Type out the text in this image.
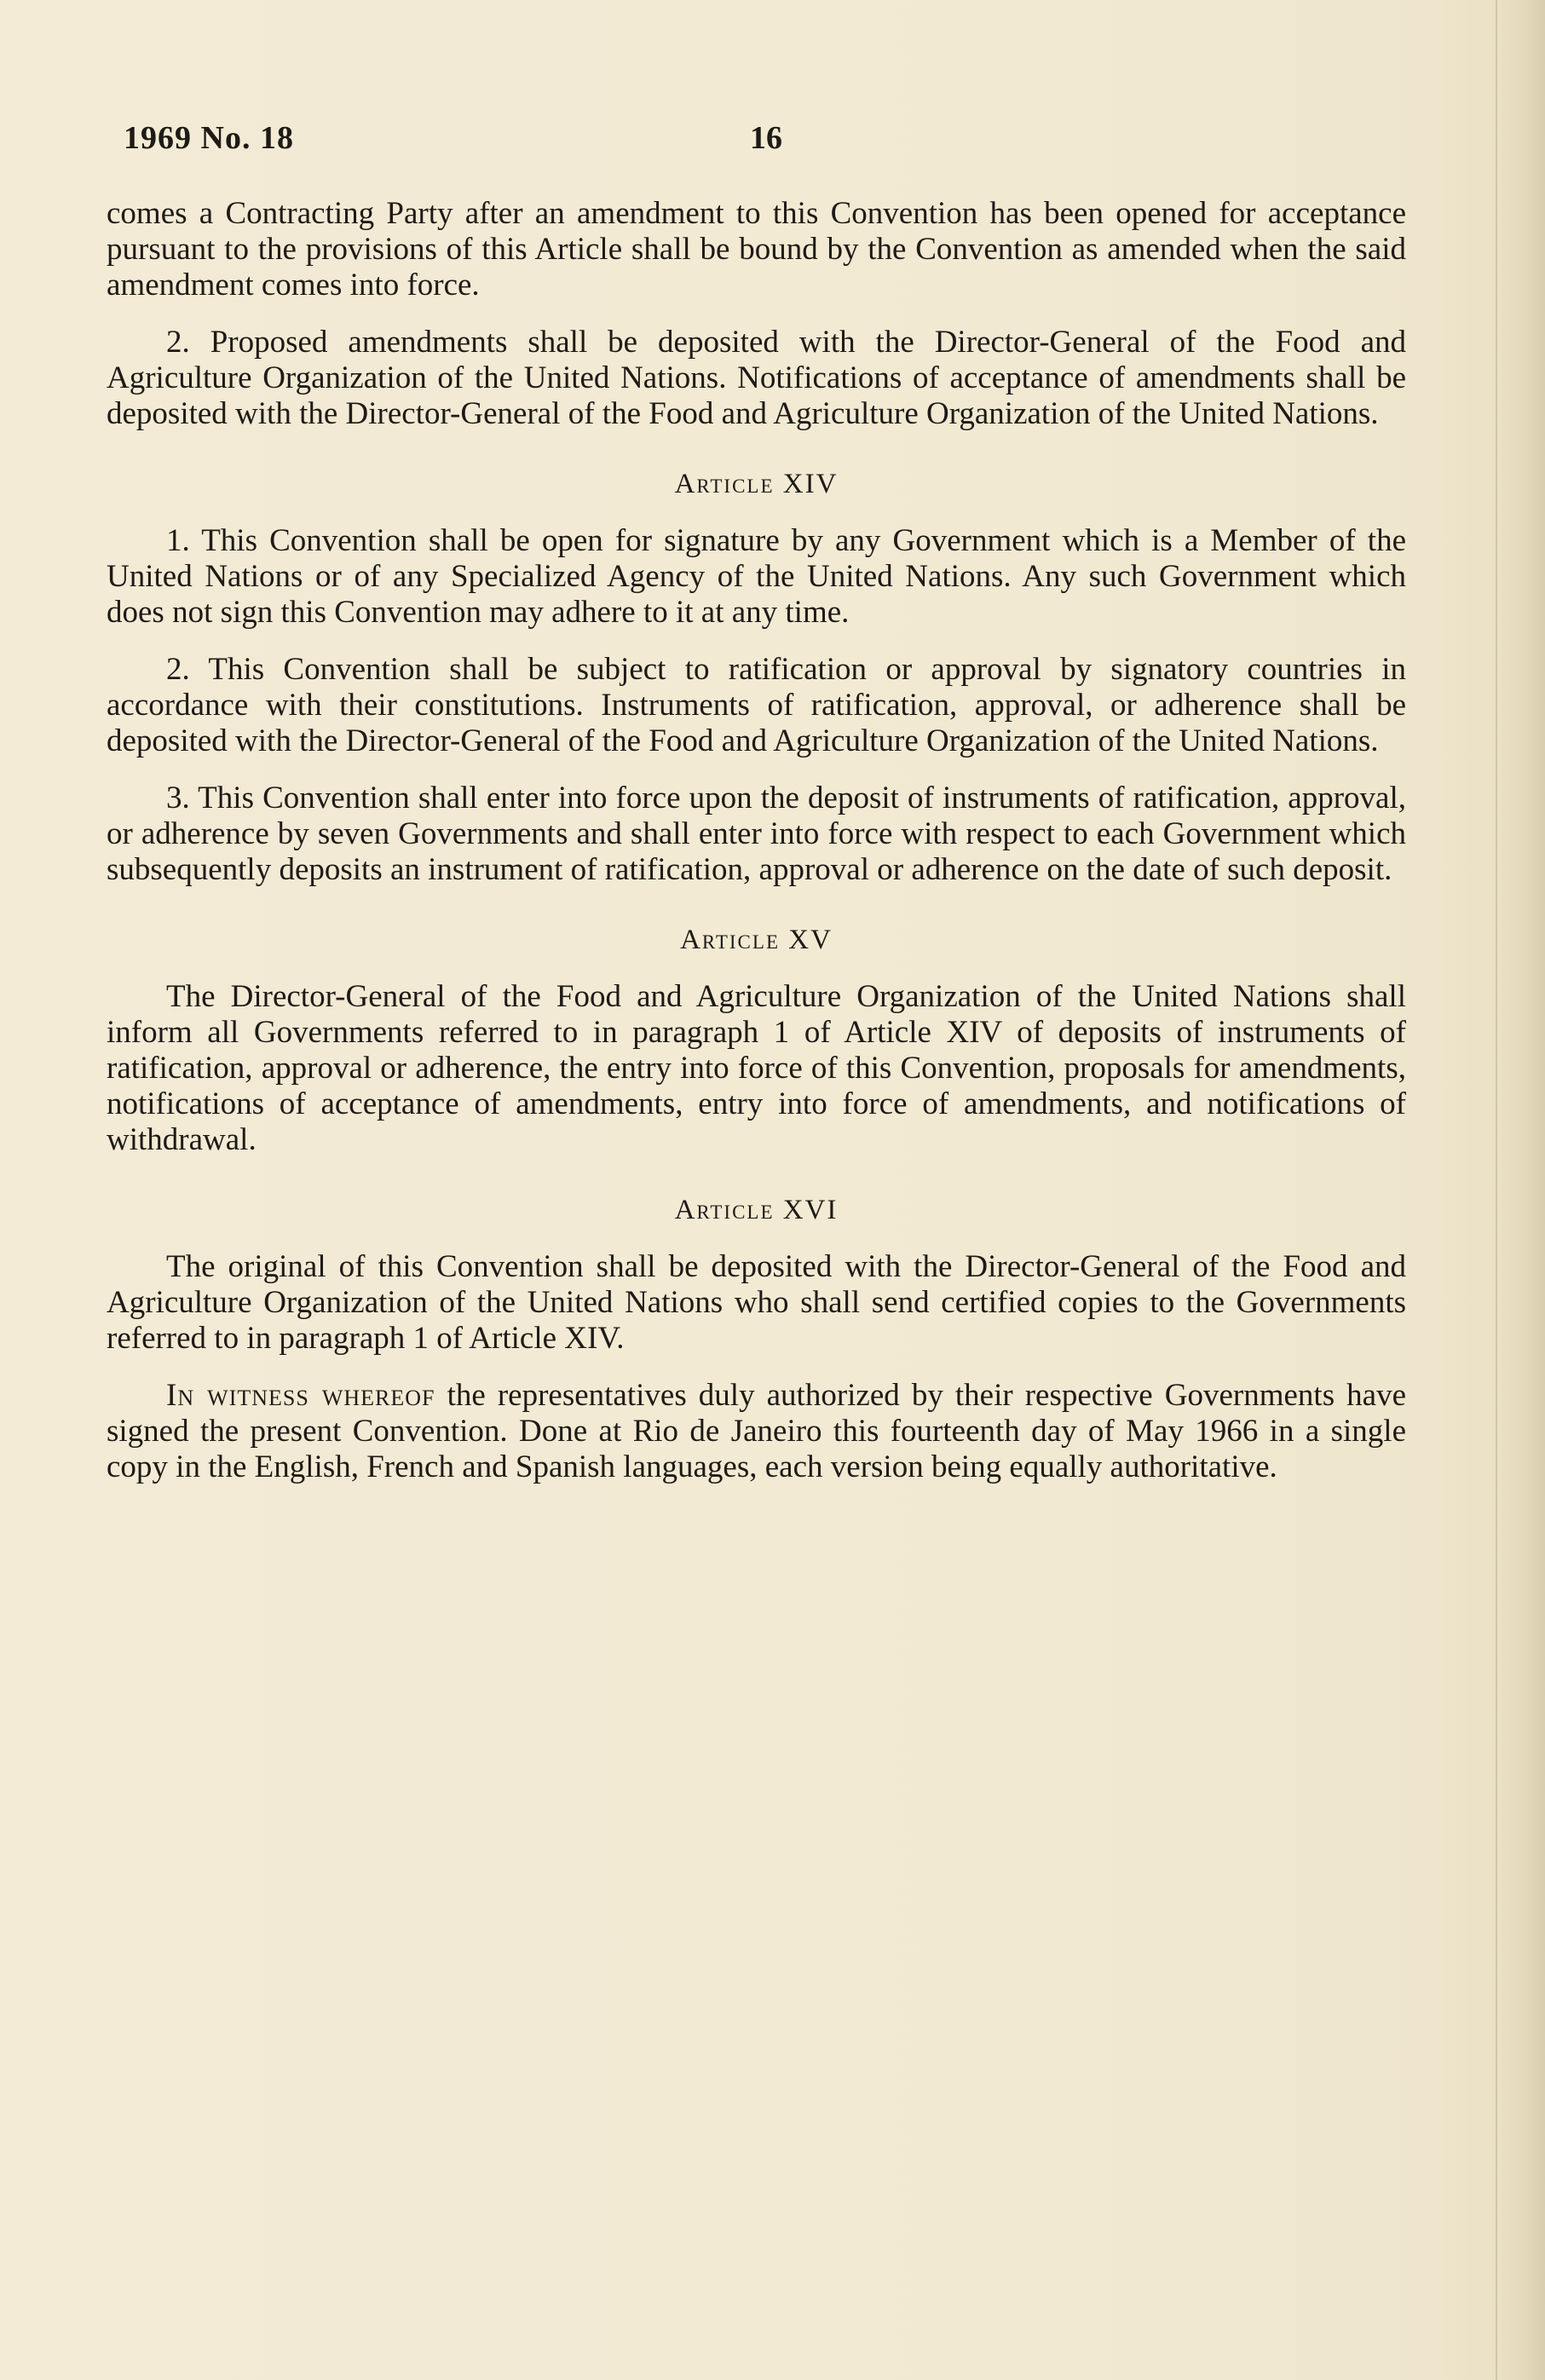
1969 No. 18	16

comes a Contracting Party after an amendment to this Convention has been opened for acceptance pursuant to the provisions of this Article shall be bound by the Convention as amended when the said amendment comes into force.

2. Proposed amendments shall be deposited with the Director-General of the Food and Agriculture Organization of the United Nations. Notifications of acceptance of amendments shall be deposited with the Director-General of the Food and Agriculture Organization of the United Nations.

Article XIV

1. This Convention shall be open for signature by any Government which is a Member of the United Nations or of any Specialized Agency of the United Nations. Any such Government which does not sign this Convention may adhere to it at any time.

2. This Convention shall be subject to ratification or approval by signatory countries in accordance with their constitutions. Instruments of ratification, approval, or adherence shall be deposited with the Director-General of the Food and Agriculture Organization of the United Nations.

3. This Convention shall enter into force upon the deposit of instruments of ratification, approval, or adherence by seven Governments and shall enter into force with respect to each Government which subsequently deposits an instrument of ratification, approval or adherence on the date of such deposit.

Article XV

The Director-General of the Food and Agriculture Organization of the United Nations shall inform all Governments referred to in paragraph 1 of Article XIV of deposits of instruments of ratification, approval or adherence, the entry into force of this Convention, proposals for amendments, notifications of acceptance of amendments, entry into force of amendments, and notifications of withdrawal.

Article XVI

The original of this Convention shall be deposited with the Director-General of the Food and Agriculture Organization of the United Nations who shall send certified copies to the Governments referred to in paragraph 1 of Article XIV.

In witness whereof the representatives duly authorized by their respective Governments have signed the present Convention. Done at Rio de Janeiro this fourteenth day of May 1966 in a single copy in the English, French and Spanish languages, each version being equally authoritative.
